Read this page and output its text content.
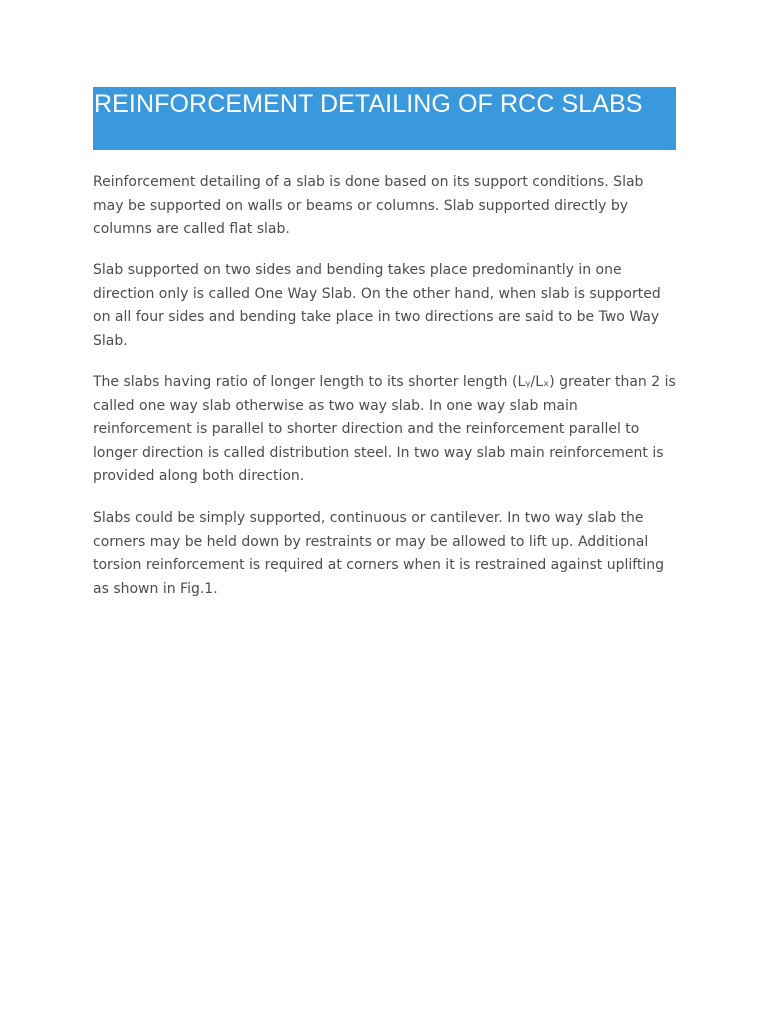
REINFORCEMENT DETAILING OF RCC SLABS

Reinforcement detailing of a slab is done based on its support conditions. Slab may be supported on walls or beams or columns. Slab supported directly by columns are called flat slab.

Slab supported on two sides and bending takes place predominantly in one direction only is called One Way Slab. On the other hand, when slab is supported on all four sides and bending take place in two directions are said to be Two Way Slab.

The slabs having ratio of longer length to its shorter length (Lᵧ/Lₓ) greater than 2 is called one way slab otherwise as two way slab. In one way slab main reinforcement is parallel to shorter direction and the reinforcement parallel to longer direction is called distribution steel. In two way slab main reinforcement is provided along both direction.

Slabs could be simply supported, continuous or cantilever. In two way slab the corners may be held down by restraints or may be allowed to lift up. Additional torsion reinforcement is required at corners when it is restrained against uplifting as shown in Fig.1.
